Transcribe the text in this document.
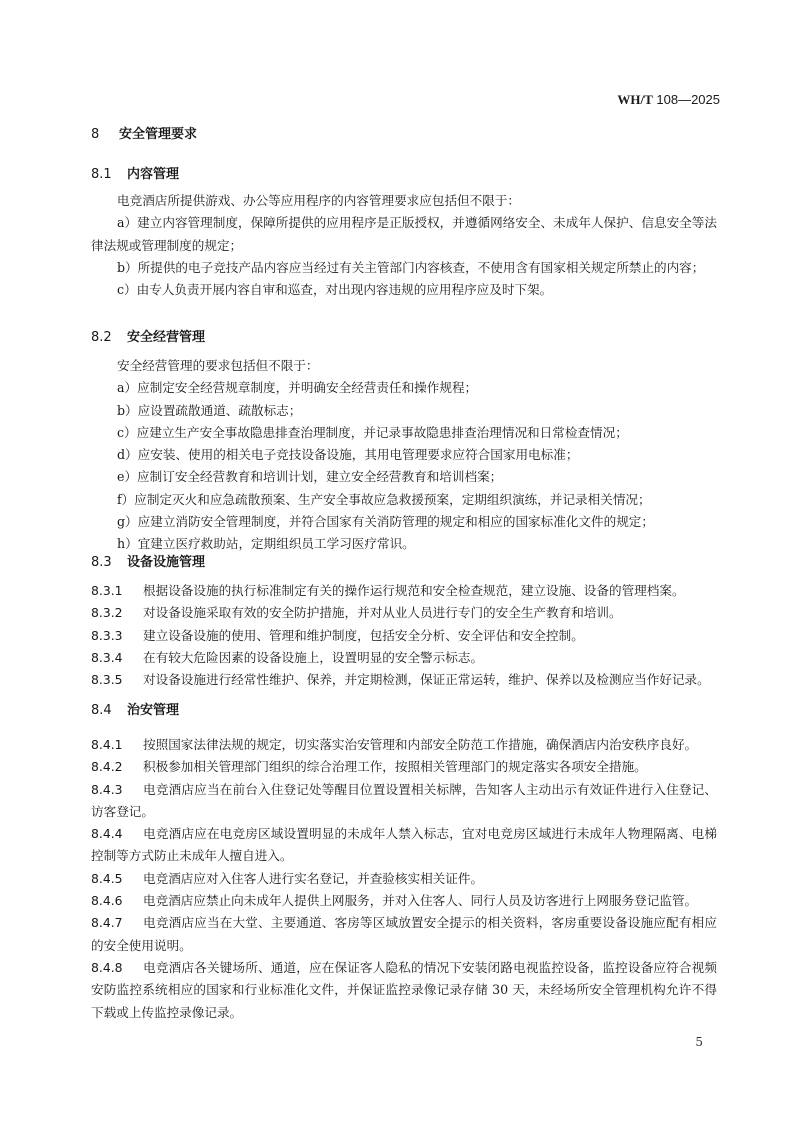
WH/T 108—2025
8 安全管理要求
8.1 内容管理

电竞酒店所提供游戏、办公等应用程序的内容管理要求应包括但不限于：

a）建立内容管理制度，保障所提供的应用程序是正版授权，并遵循网络安全、未成年人保护、信息安全等法律法规或管理制度的规定；

b）所提供的电子竞技产品内容应当经过有关主管部门内容核查，不使用含有国家相关规定所禁止的内容；

c）由专人负责开展内容自审和巡查，对出现内容违规的应用程序应及时下架。

8.2 安全经营管理

安全经营管理的要求包括但不限于：

a）应制定安全经营规章制度，并明确安全经营责任和操作规程；

b）应设置疏散通道、疏散标志；

c）应建立生产安全事故隐患排查治理制度，并记录事故隐患排查治理情况和日常检查情况；

d）应安装、使用的相关电子竞技设备设施，其用电管理要求应符合国家用电标准；

e）应制订安全经营教育和培训计划，建立安全经营教育和培训档案；

f）应制定灭火和应急疏散预案、生产安全事故应急救援预案，定期组织演练，并记录相关情况；

g）应建立消防安全管理制度，并符合国家有关消防管理的规定和相应的国家标准化文件的规定；

h）宜建立医疗救助站，定期组织员工学习医疗常识。

8.3 设备设施管理

8.3.1 根据设备设施的执行标准制定有关的操作运行规范和安全检查规范，建立设施、设备的管理档案。

8.3.2 对设备设施采取有效的安全防护措施，并对从业人员进行专门的安全生产教育和培训。

8.3.3 建立设备设施的使用、管理和维护制度，包括安全分析、安全评估和安全控制。

8.3.4 在有较大危险因素的设备设施上，设置明显的安全警示标志。

8.3.5 对设备设施进行经常性维护、保养，并定期检测，保证正常运转，维护、保养以及检测应当作好记录。

8.4 治安管理

8.4.1 按照国家法律法规的规定，切实落实治安管理和内部安全防范工作措施，确保酒店内治安秩序良好。

8.4.2 积极参加相关管理部门组织的综合治理工作，按照相关管理部门的规定落实各项安全措施。

8.4.3 电竞酒店应当在前台入住登记处等醒目位置设置相关标牌，告知客人主动出示有效证件进行入住登记、访客登记。

8.4.4 电竞酒店应在电竞房区域设置明显的未成年人禁入标志，宜对电竞房区域进行未成年人物理隔离、电梯控制等方式防止未成年人擅自进入。

8.4.5 电竞酒店应对入住客人进行实名登记，并查验核实相关证件。

8.4.6 电竞酒店应禁止向未成年人提供上网服务，并对入住客人、同行人员及访客进行上网服务登记监管。

8.4.7 电竞酒店应当在大堂、主要通道、客房等区域放置安全提示的相关资料，客房重要设备设施应配有相应的安全使用说明。

8.4.8 电竞酒店各关键场所、通道，应在保证客人隐私的情况下安装闭路电视监控设备，监控设备应符合视频安防监控系统相应的国家和行业标准化文件，并保证监控录像记录存储 30 天，未经场所安全管理机构允许不得下载或上传监控录像记录。

5
